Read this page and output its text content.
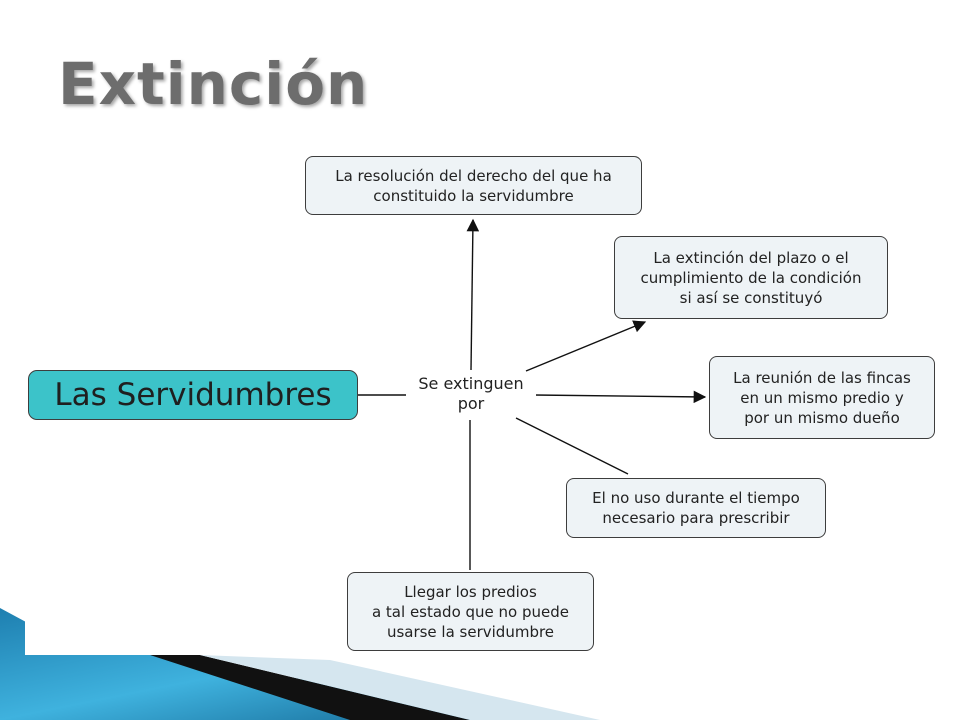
Extinción
Las Servidumbres	Se extinguen
por
La resolución del derecho del que ha
constituido la servidumbre
La extinción del plazo o el
cumplimiento de la condición
si así se constituyó
La reunión de las fincas
en un mismo predio y
por un mismo dueño
El no uso durante el tiempo
necesario para prescribir
Llegar los predios
a tal estado que no puede
usarse la servidumbre
